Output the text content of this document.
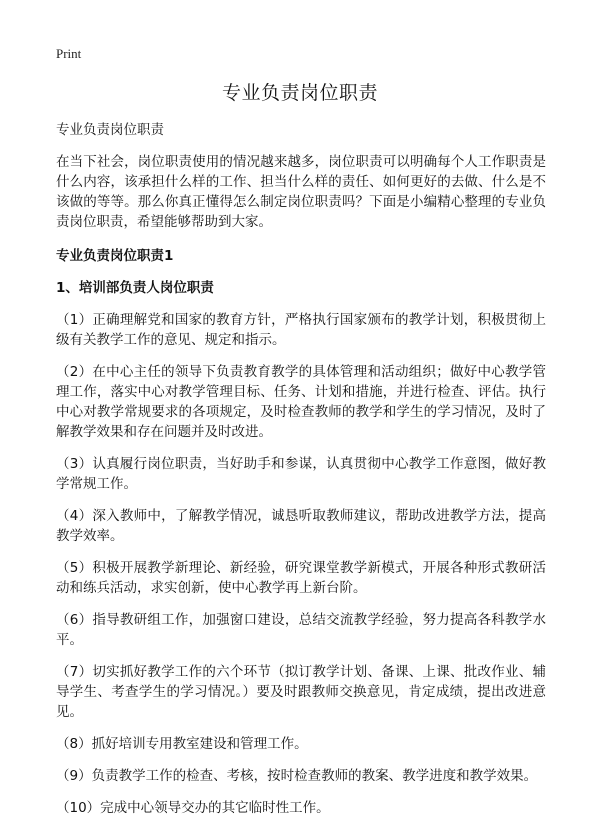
Print
专业负责岗位职责

专业负责岗位职责

在当下社会，岗位职责使用的情况越来越多，岗位职责可以明确每个人工作职责是什么内容，该承担什么样的工作、担当什么样的责任、如何更好的去做、什么是不该做的等等。那么你真正懂得怎么制定岗位职责吗？下面是小编精心整理的专业负责岗位职责，希望能够帮助到大家。

专业负责岗位职责1

1、培训部负责人岗位职责

（1）正确理解党和国家的教育方针，严格执行国家颁布的教学计划，积极贯彻上级有关教学工作的意见、规定和指示。

（2）在中心主任的领导下负责教育教学的具体管理和活动组织；做好中心教学管理工作，落实中心对教学管理目标、任务、计划和措施，并进行检查、评估。执行中心对教学常规要求的各项规定，及时检查教师的教学和学生的学习情况，及时了解教学效果和存在问题并及时改进。

（3）认真履行岗位职责，当好助手和参谋，认真贯彻中心教学工作意图，做好教学常规工作。

（4）深入教师中，了解教学情况，诚恳听取教师建议，帮助改进教学方法，提高教学效率。

（5）积极开展教学新理论、新经验，研究课堂教学新模式，开展各种形式教研活动和练兵活动，求实创新，使中心教学再上新台阶。

（6）指导教研组工作，加强窗口建设，总结交流教学经验，努力提高各科教学水平。

（7）切实抓好教学工作的六个环节（拟订教学计划、备课、上课、批改作业、辅导学生、考查学生的学习情况。）要及时跟教师交换意见，肯定成绩，提出改进意见。

（8）抓好培训专用教室建设和管理工作。

（9）负责教学工作的检查、考核，按时检查教师的教案、教学进度和教学效果。

（10）完成中心领导交办的其它临时性工作。
